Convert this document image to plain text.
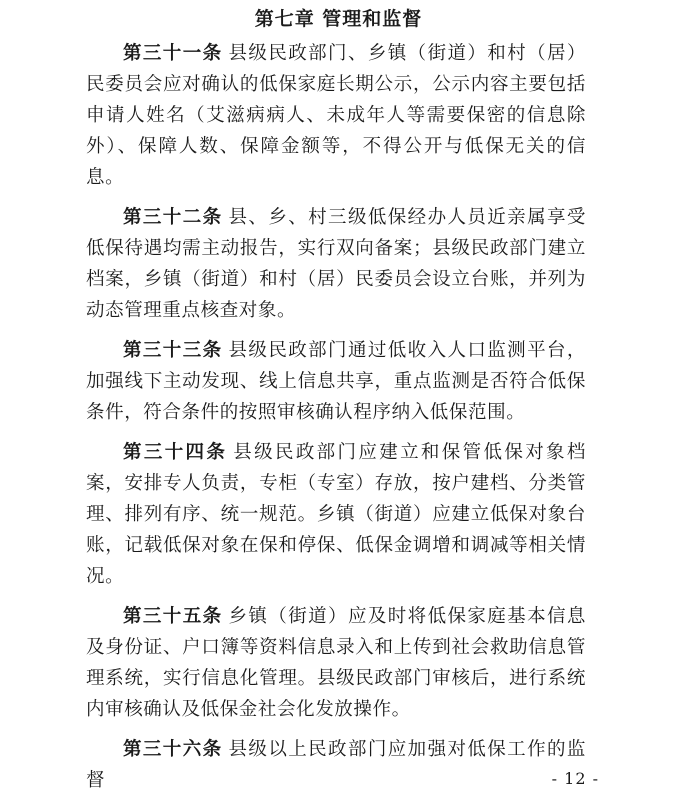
第七章 管理和监督

第三十一条 县级民政部门、乡镇（街道）和村（居）民委员会应对确认的低保家庭长期公示，公示内容主要包括申请人姓名（艾滋病病人、未成年人等需要保密的信息除外）、保障人数、保障金额等，不得公开与低保无关的信息。

第三十二条 县、乡、村三级低保经办人员近亲属享受低保待遇均需主动报告，实行双向备案；县级民政部门建立档案，乡镇（街道）和村（居）民委员会设立台账，并列为动态管理重点核查对象。

第三十三条 县级民政部门通过低收入人口监测平台，加强线下主动发现、线上信息共享，重点监测是否符合低保条件，符合条件的按照审核确认程序纳入低保范围。

第三十四条 县级民政部门应建立和保管低保对象档案，安排专人负责，专柜（专室）存放，按户建档、分类管理、排列有序、统一规范。乡镇（街道）应建立低保对象台账，记载低保对象在保和停保、低保金调增和调减等相关情况。

第三十五条 乡镇（街道）应及时将低保家庭基本信息及身份证、户口簿等资料信息录入和上传到社会救助信息管理系统，实行信息化管理。县级民政部门审核后，进行系统内审核确认及低保金社会化发放操作。

第三十六条 县级以上民政部门应加强对低保工作的监督	- 12 -
